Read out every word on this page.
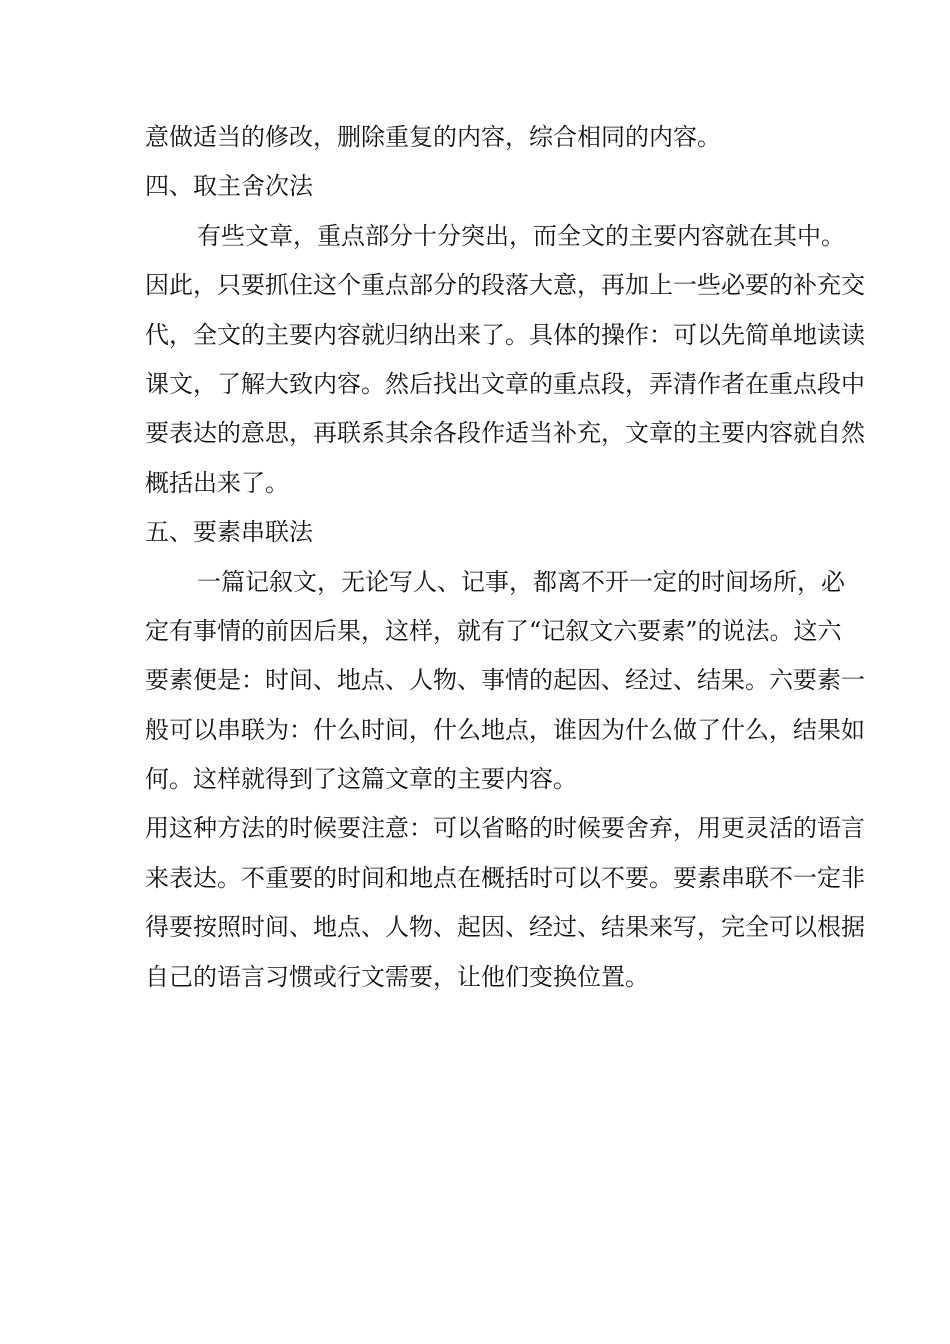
意做适当的修改，删除重复的内容，综合相同的内容。
四、取主舍次法
有些文章，重点部分十分突出，而全文的主要内容就在其中。
因此，只要抓住这个重点部分的段落大意，再加上一些必要的补充交
代，全文的主要内容就归纳出来了。具体的操作：可以先简单地读读
课文，了解大致内容。然后找出文章的重点段，弄清作者在重点段中
要表达的意思，再联系其余各段作适当补充，文章的主要内容就自然
概括出来了。
五、要素串联法
一篇记叙文，无论写人、记事，都离不开一定的时间场所，必
定有事情的前因后果，这样，就有了“记叙文六要素”的说法。这六
要素便是：时间、地点、人物、事情的起因、经过、结果。六要素一
般可以串联为：什么时间，什么地点，谁因为什么做了什么，结果如
何。这样就得到了这篇文章的主要内容。
用这种方法的时候要注意：可以省略的时候要舍弃，用更灵活的语言
来表达。不重要的时间和地点在概括时可以不要。要素串联不一定非
得要按照时间、地点、人物、起因、经过、结果来写，完全可以根据
自己的语言习惯或行文需要，让他们变换位置。
